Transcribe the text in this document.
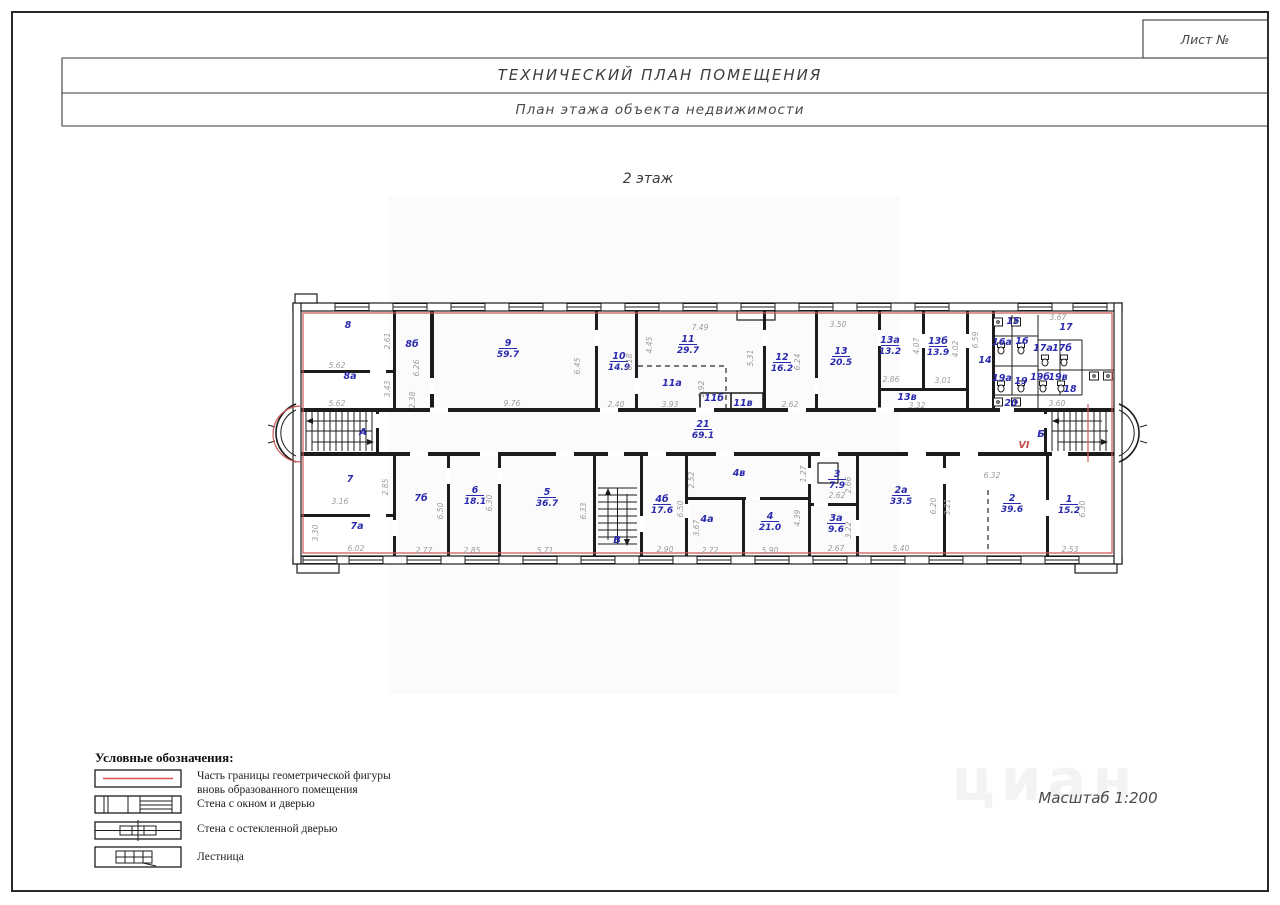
Лист №
ТЕХНИЧЕСКИЙ ПЛАН ПОМЕЩЕНИЯ
План этажа объекта недвижимости
2 этаж
8
8а
8б	9
59.7	10
14.9
11
29.7
11а
11б 11в
12
16.2
13
20.5
13а
13.2
13б
13.9
13в
14
15
16а 16
17а 17б
17
18
19а 19 19б
19в
20
21
69.1
7
7а
7б
6
18.1
5
36.7	4б
17.6
4а
4в
4
21.0
3
7.9
3а
9.6
2а
33.5	2
39.6
1
15.2
5.62
2.61
5.62
3.43
6.26
2.38	9.76
6.45
2.40
6.18
7.49
4.45
3.93
2.92
5.31
2.62
6.24
3.50
2.86
4.07
3.01
4.02
3.32
3.67
6.59
3.60
3.16
2.85
3.30
6.02	2.77
6.50
2.85
6.30
5.71
6.33
2.90
6.50
2.52
3.67
2.72
1.27
5.90
4.39
2.62
2.66
2.67
3.22
5.40
6.20 3.21
6.32
2.53
6.30
А	Б
В
VI
Условные обозначения:
Часть границы геометрической фигуры
вновь образованного помещения
Стена с окном и дверью
Стена с остекленной дверью
Лестница
Масштаб 1:200
